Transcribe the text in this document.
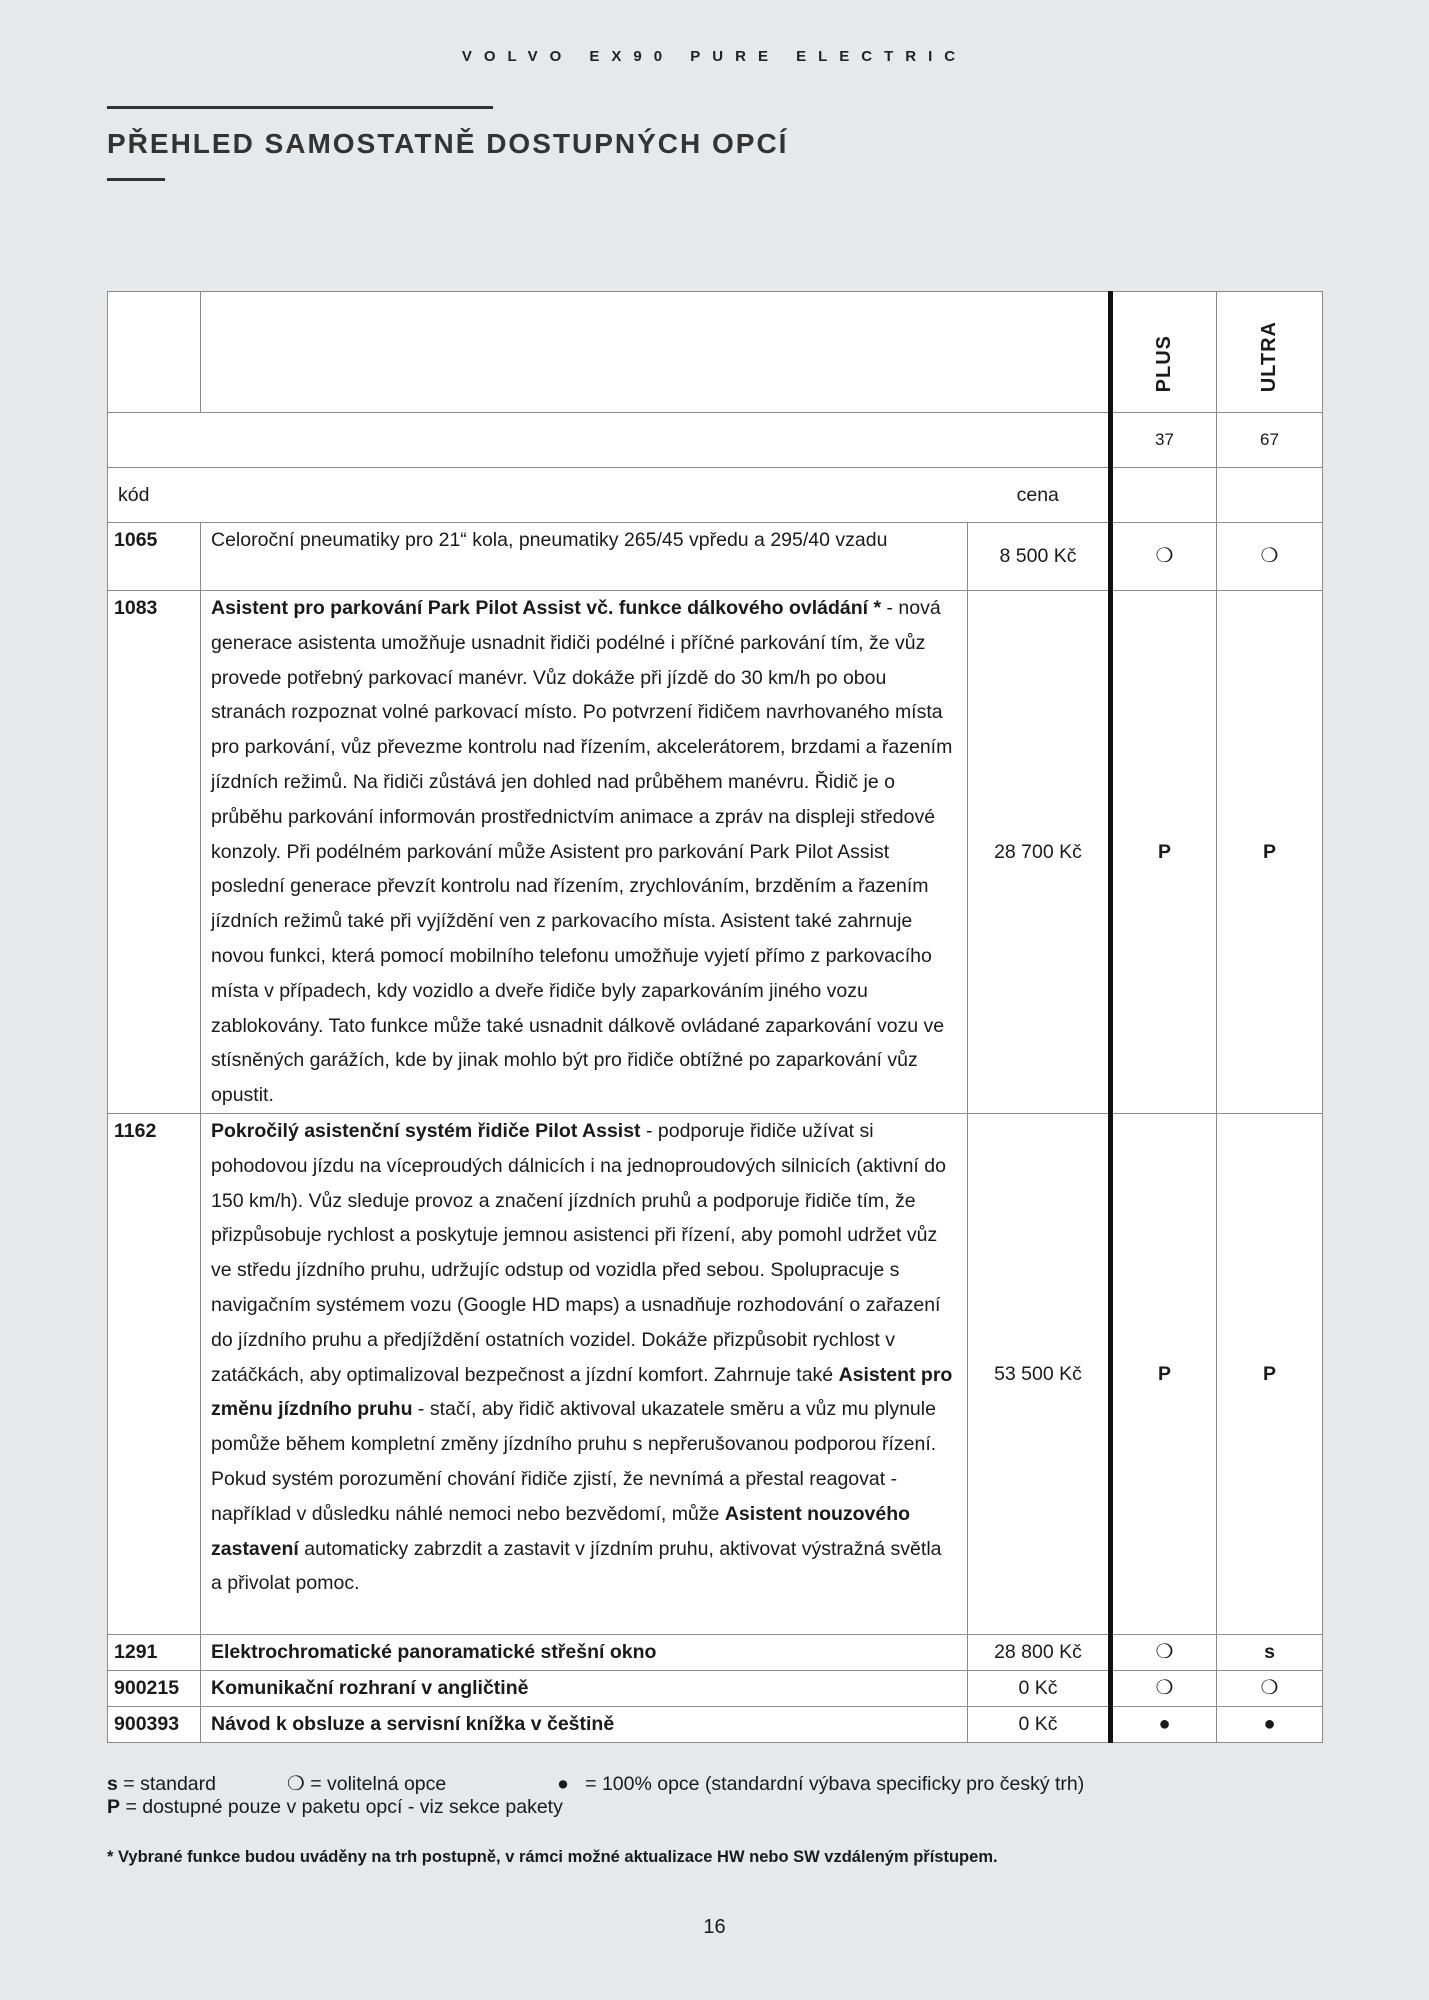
VOLVO EX90 PURE ELECTRIC
PŘEHLED SAMOSTATNĚ DOSTUPNÝCH OPCÍ
			PLUS	ULTRA
			37	67
kód		cena		
1065	Celoroční pneumatiky pro 21“ kola, pneumatiky 265/45 vpředu a 295/40 vzadu	8 500 Kč	❍	❍
1083	Asistent pro parkování Park Pilot Assist vč. funkce dálkového ovládání * - nová generace asistenta umožňuje usnadnit řidiči podélné i příčné parkování tím, že vůz provede potřebný parkovací manévr. Vůz dokáže při jízdě do 30 km/h po obou stranách rozpoznat volné parkovací místo. Po potvrzení řidičem navrhovaného místa pro parkování, vůz převezme kontrolu nad řízením, akcelerátorem, brzdami a řazením jízdních režimů. Na řidiči zůstává jen dohled nad průběhem manévru. Řidič je o průběhu parkování informován prostřednictvím animace a zpráv na displeji středové konzoly. Při podélném parkování může Asistent pro parkování Park Pilot Assist poslední generace převzít kontrolu nad řízením, zrychlováním, brzděním a řazením jízdních režimů také při vyjíždění ven z parkovacího místa. Asistent také zahrnuje novou funkci, která pomocí mobilního telefonu umožňuje vyjetí přímo z parkovacího místa v případech, kdy vozidlo a dveře řidiče byly zaparkováním jiného vozu zablokovány. Tato funkce může také usnadnit dálkově ovládané zaparkování vozu ve stísněných garážích, kde by jinak mohlo být pro řidiče obtížné po zaparkování vůz opustit.	28 700 Kč	P	P
1162	Pokročilý asistenční systém řidiče Pilot Assist - podporuje řidiče užívat si pohodovou jízdu na víceproudých dálnicích i na jednoproudových silnicích (aktivní do 150 km/h). Vůz sleduje provoz a značení jízdních pruhů a podporuje řidiče tím, že přizpůsobuje rychlost a poskytuje jemnou asistenci při řízení, aby pomohl udržet vůz ve středu jízdního pruhu, udržujíc odstup od vozidla před sebou. Spolupracuje s navigačním systémem vozu (Google HD maps) a usnadňuje rozhodování o zařazení do jízdního pruhu a předjíždění ostatních vozidel. Dokáže přizpůsobit rychlost v zatáčkách, aby optimalizoval bezpečnost a jízdní komfort. Zahrnuje také Asistent pro změnu jízdního pruhu - stačí, aby řidič aktivoval ukazatele směru a vůz mu plynule pomůže během kompletní změny jízdního pruhu s nepřerušovanou podporou řízení. Pokud systém porozumění chování řidiče zjistí, že nevnímá a přestal reagovat - například v důsledku náhlé nemoci nebo bezvědomí, může Asistent nouzového zastavení automaticky zabrzdit a zastavit v jízdním pruhu, aktivovat výstražná světla a přivolat pomoc.	53 500 Kč	P	P
1291	Elektrochromatické panoramatické střešní okno	28 800 Kč	❍	s
900215	Komunikační rozhraní v angličtině	0 Kč	❍	❍
900393	Návod k obsluze a servisní knížka v češtině	0 Kč	●	●
s = standard	❍ = volitelná opce	● = 100% opce (standardní výbava specificky pro český trh)
P = dostupné pouze v paketu opcí - viz sekce pakety
* Vybrané funkce budou uváděny na trh postupně, v rámci možné aktualizace HW nebo SW vzdáleným přístupem.
16
